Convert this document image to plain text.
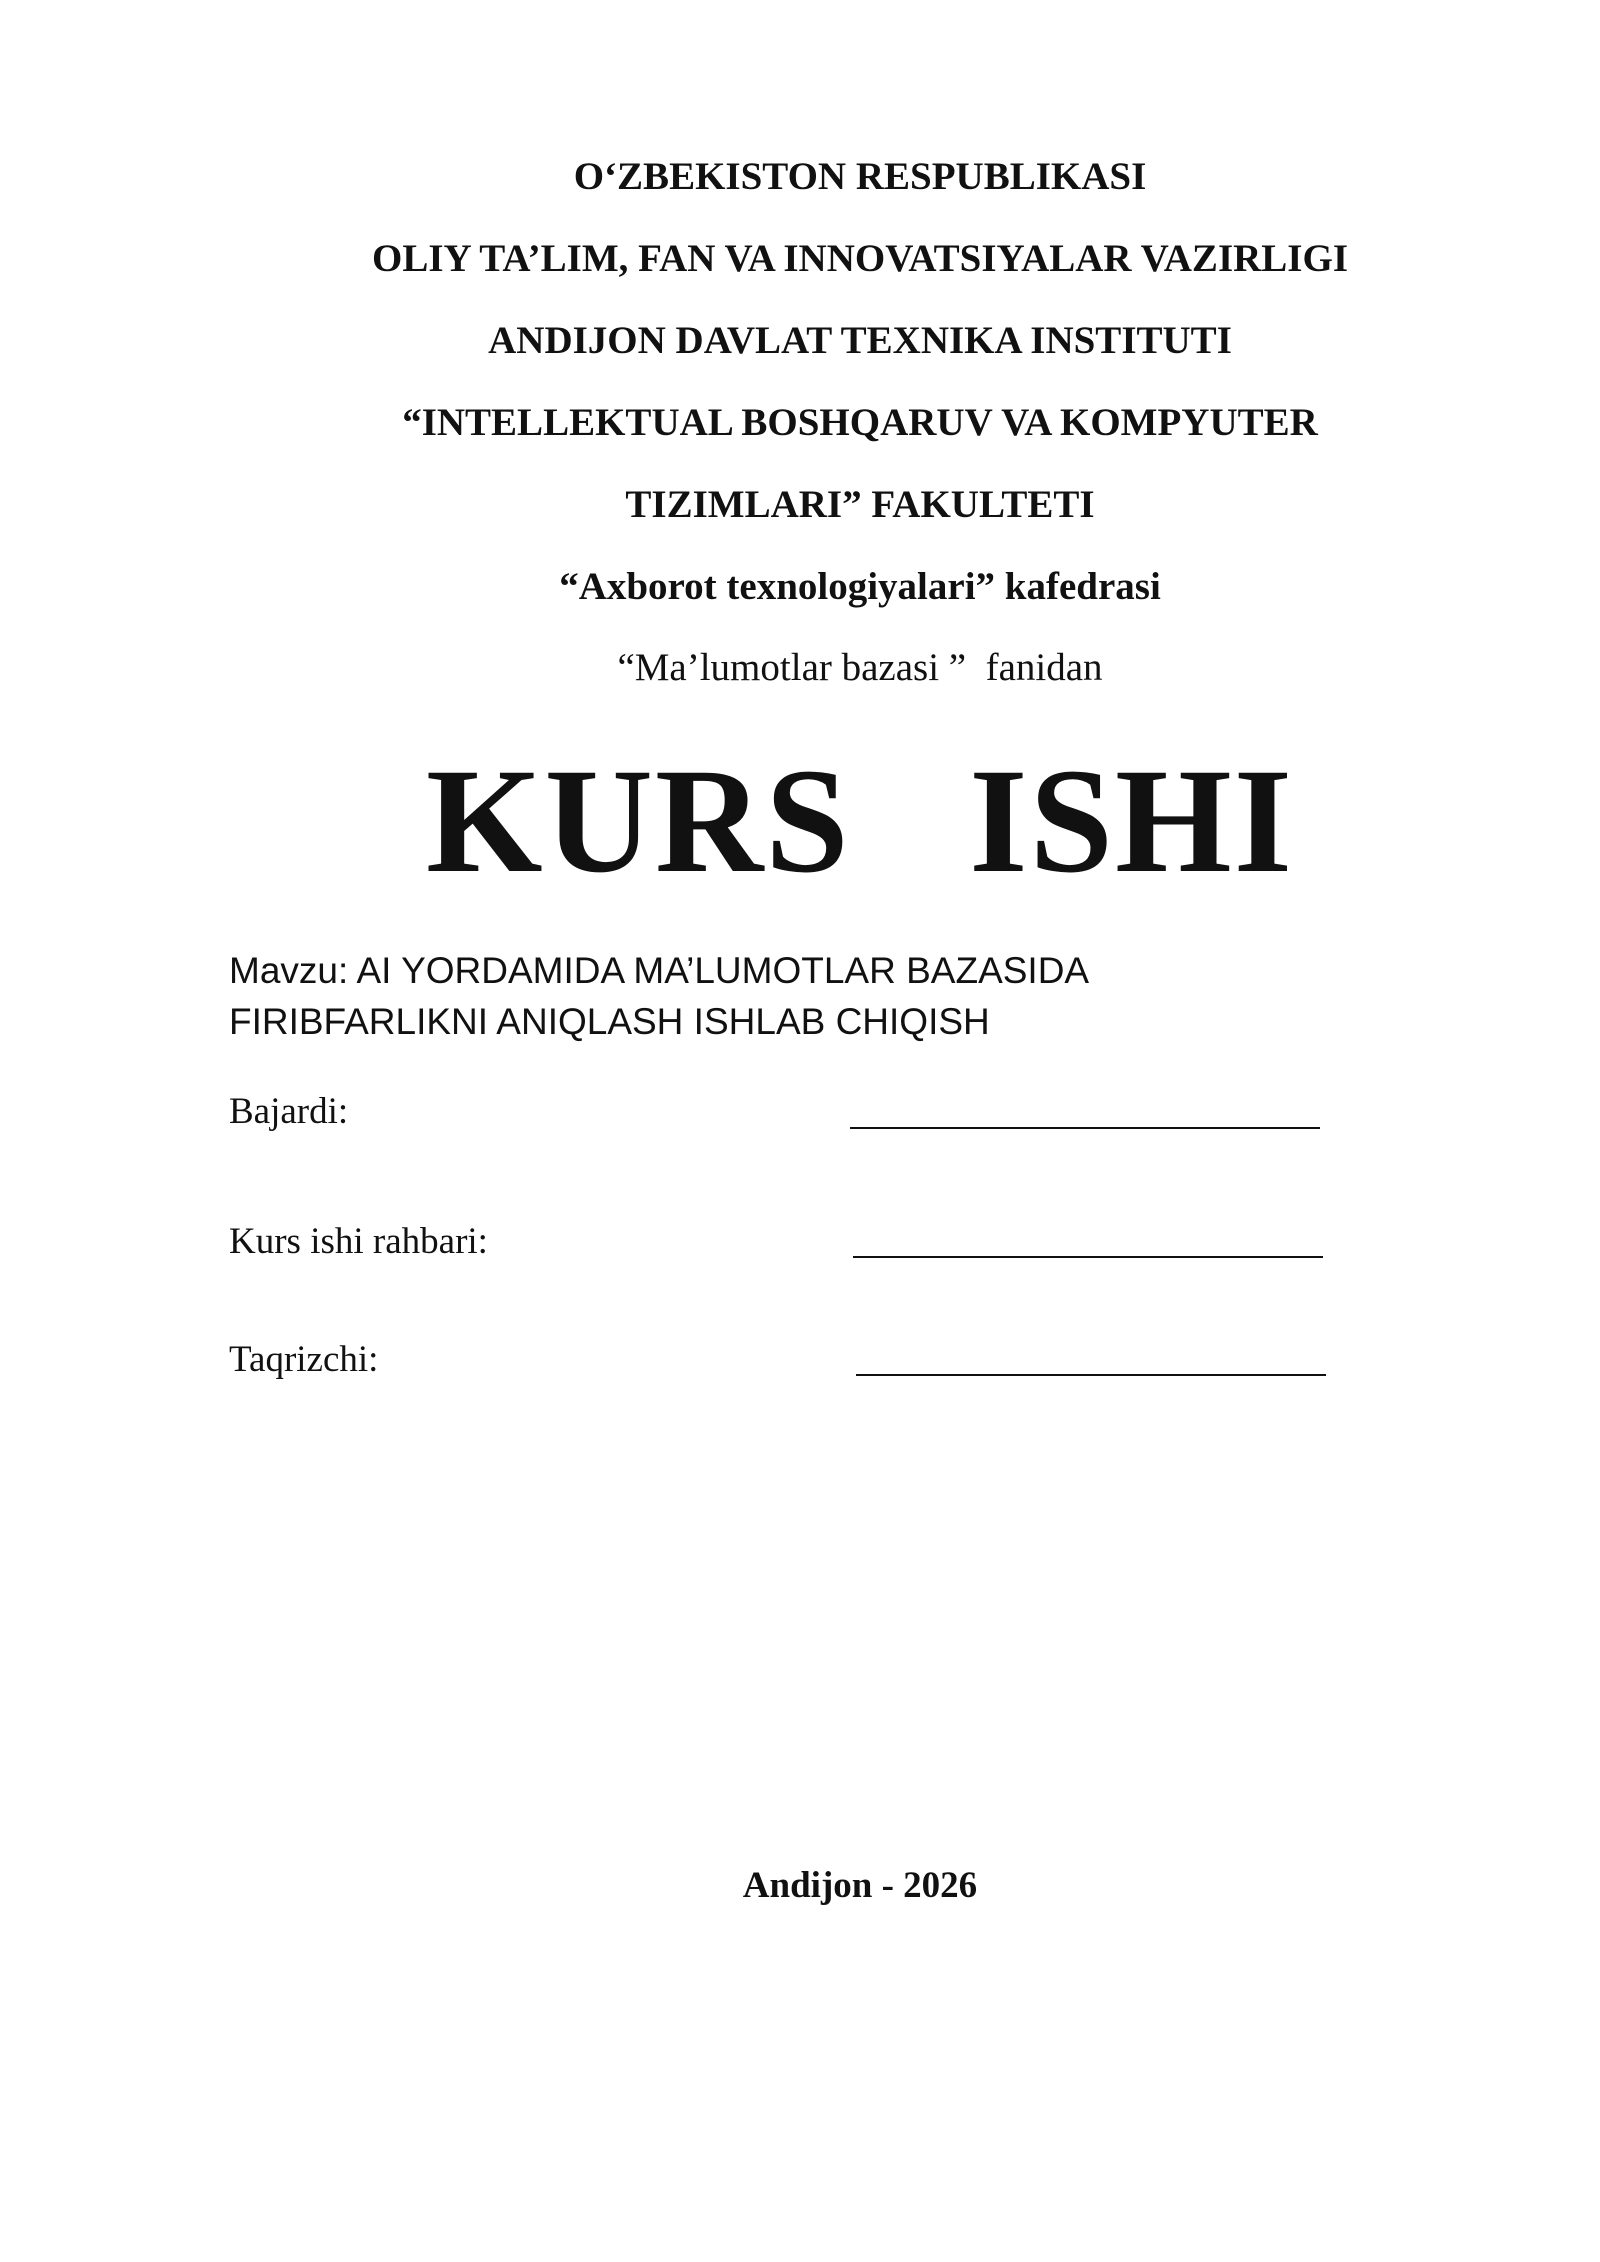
O‘ZBEKISTON RESPUBLIKASI
OLIY TA’LIM, FAN VA INNOVATSIYALAR VAZIRLIGI
ANDIJON DAVLAT TEXNIKA INSTITUTI
“INTELLEKTUAL BOSHQARUV VA KOMPYUTER
TIZIMLARI” FAKULTETI
“Axborot texnologiyalari” kafedrasi
“Ma’lumotlar bazasi ”  fanidan
KURS   ISHI
Mavzu: AI YORDAMIDA MA’LUMOTLAR BAZASIDA
FIRIBFARLIKNI ANIQLASH ISHLAB CHIQISH
Bajardi:
Kurs ishi rahbari:
Taqrizchi:
Andijon - 2026
